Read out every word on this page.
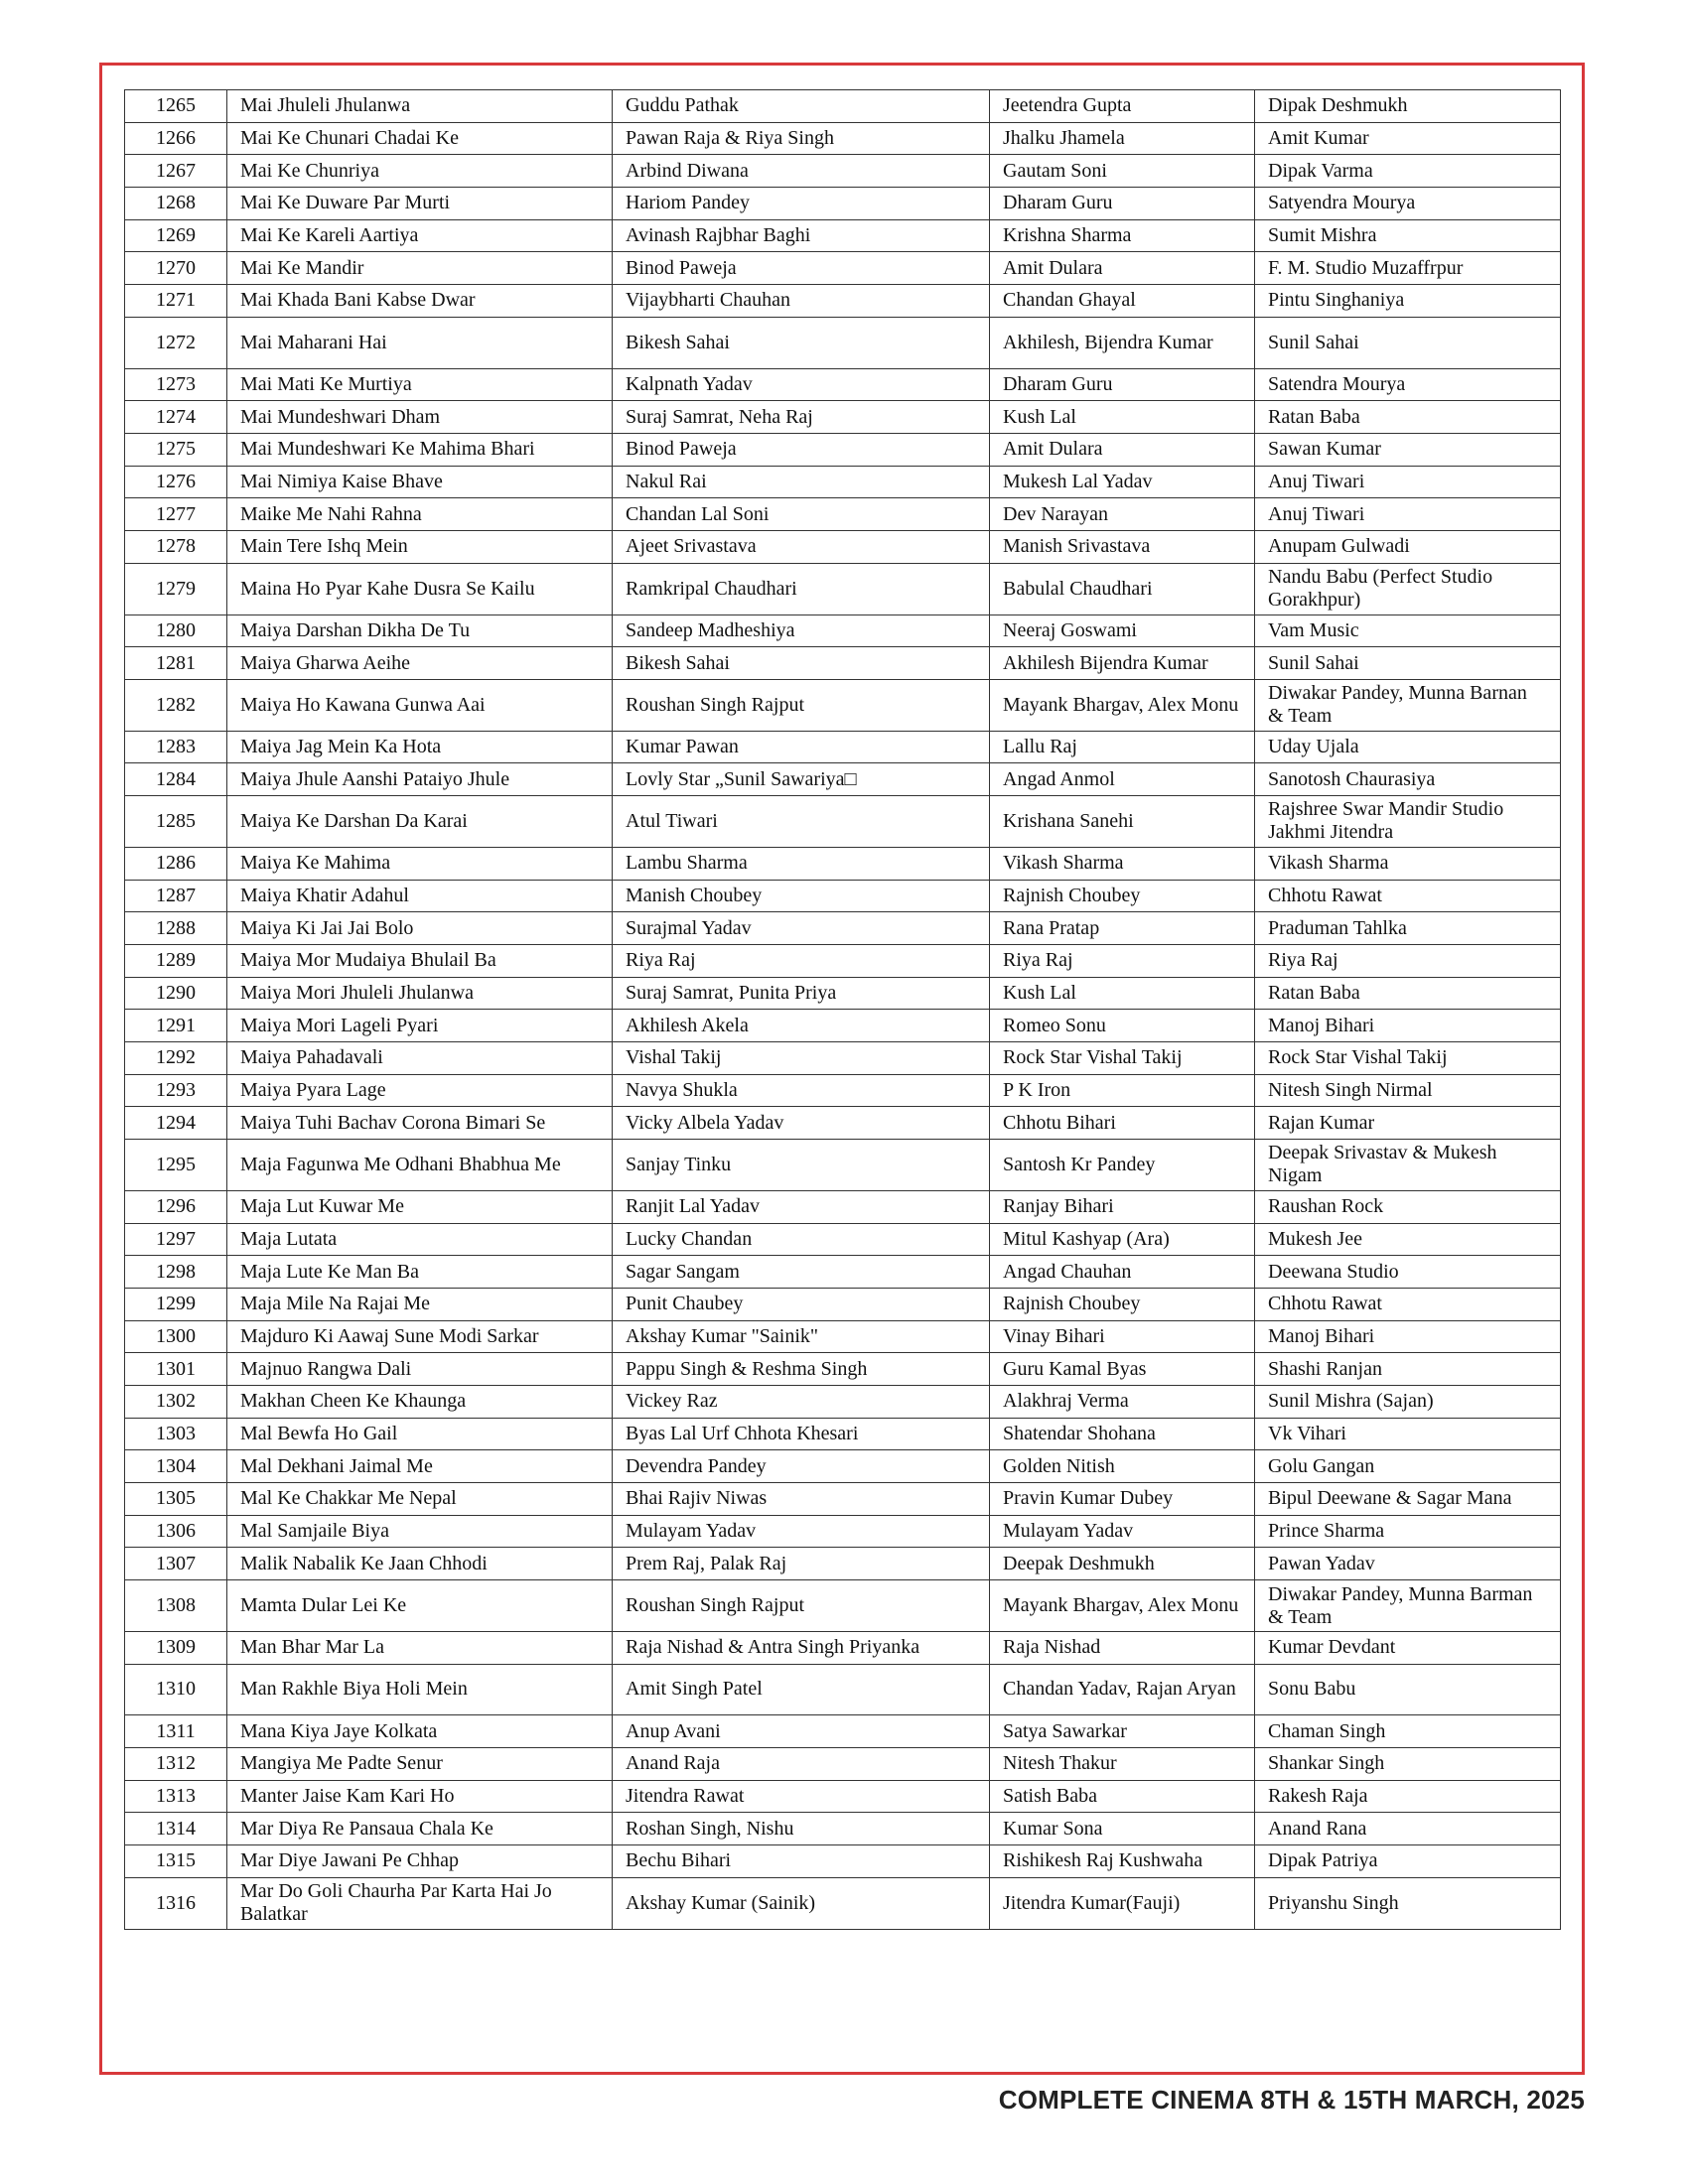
1265	Mai Jhuleli Jhulanwa	Guddu Pathak	Jeetendra Gupta	Dipak Deshmukh
1266	Mai Ke Chunari Chadai Ke	Pawan Raja & Riya Singh	Jhalku Jhamela	Amit Kumar
1267	Mai Ke Chunriya	Arbind Diwana	Gautam Soni	Dipak Varma
1268	Mai Ke Duware Par Murti	Hariom Pandey	Dharam Guru	Satyendra Mourya
1269	Mai Ke Kareli Aartiya	Avinash Rajbhar Baghi	Krishna Sharma	Sumit Mishra
1270	Mai Ke Mandir	Binod Paweja	Amit Dulara	F. M. Studio Muzaffrpur
1271	Mai Khada Bani Kabse Dwar	Vijaybharti Chauhan	Chandan Ghayal	Pintu Singhaniya
1272	Mai Maharani Hai	Bikesh Sahai	Akhilesh, Bijendra Kumar	Sunil Sahai
1273	Mai Mati Ke Murtiya	Kalpnath Yadav	Dharam Guru	Satendra Mourya
1274	Mai Mundeshwari Dham	Suraj Samrat, Neha Raj	Kush Lal	Ratan Baba
1275	Mai Mundeshwari Ke Mahima Bhari	Binod Paweja	Amit Dulara	Sawan Kumar
1276	Mai Nimiya Kaise Bhave	Nakul Rai	Mukesh Lal Yadav	Anuj Tiwari
1277	Maike Me Nahi Rahna	Chandan Lal Soni	Dev Narayan	Anuj Tiwari
1278	Main Tere Ishq Mein	Ajeet Srivastava	Manish Srivastava	Anupam Gulwadi
1279	Maina Ho Pyar Kahe Dusra Se Kailu	Ramkripal Chaudhari	Babulal Chaudhari	Nandu Babu (Perfect Studio Gorakhpur)
1280	Maiya Darshan Dikha De Tu	Sandeep Madheshiya	Neeraj Goswami	Vam Music
1281	Maiya Gharwa Aeihe	Bikesh Sahai	Akhilesh Bijendra Kumar	Sunil Sahai
1282	Maiya Ho Kawana Gunwa Aai	Roushan Singh Rajput	Mayank Bhargav, Alex Monu	Diwakar Pandey, Munna Barnan & Team
1283	Maiya Jag Mein Ka Hota	Kumar Pawan	Lallu Raj	Uday Ujala
1284	Maiya Jhule Aanshi Pataiyo Jhule	Lovly Star „Sunil Sawariya□	Angad Anmol	Sanotosh Chaurasiya
1285	Maiya Ke Darshan Da Karai	Atul Tiwari	Krishana Sanehi	Rajshree Swar Mandir Studio Jakhmi Jitendra
1286	Maiya Ke Mahima	Lambu Sharma	Vikash Sharma	Vikash Sharma
1287	Maiya Khatir Adahul	Manish Choubey	Rajnish Choubey	Chhotu Rawat
1288	Maiya Ki Jai Jai Bolo	Surajmal Yadav	Rana Pratap	Praduman Tahlka
1289	Maiya Mor Mudaiya Bhulail Ba	Riya Raj	Riya Raj	Riya Raj
1290	Maiya Mori Jhuleli Jhulanwa	Suraj Samrat, Punita Priya	Kush Lal	Ratan Baba
1291	Maiya Mori Lageli Pyari	Akhilesh Akela	Romeo Sonu	Manoj Bihari
1292	Maiya Pahadavali	Vishal Takij	Rock Star Vishal Takij	Rock Star Vishal Takij
1293	Maiya Pyara Lage	Navya Shukla	P K Iron	Nitesh Singh Nirmal
1294	Maiya Tuhi Bachav Corona Bimari Se	Vicky Albela Yadav	Chhotu Bihari	Rajan Kumar
1295	Maja Fagunwa Me Odhani Bhabhua Me	Sanjay Tinku	Santosh Kr Pandey	Deepak Srivastav & Mukesh Nigam
1296	Maja Lut Kuwar Me	Ranjit Lal Yadav	Ranjay Bihari	Raushan Rock
1297	Maja Lutata	Lucky Chandan	Mitul Kashyap (Ara)	Mukesh Jee
1298	Maja Lute Ke Man Ba	Sagar Sangam	Angad Chauhan	Deewana Studio
1299	Maja Mile Na Rajai Me	Punit Chaubey	Rajnish Choubey	Chhotu Rawat
1300	Majduro Ki Aawaj Sune Modi Sarkar	Akshay Kumar "Sainik"	Vinay Bihari	Manoj Bihari
1301	Majnuo Rangwa Dali	Pappu Singh & Reshma Singh	Guru Kamal Byas	Shashi Ranjan
1302	Makhan Cheen Ke Khaunga	Vickey Raz	Alakhraj Verma	Sunil Mishra (Sajan)
1303	Mal Bewfa Ho Gail	Byas Lal Urf Chhota Khesari	Shatendar Shohana	Vk Vihari
1304	Mal Dekhani Jaimal Me	Devendra Pandey	Golden Nitish	Golu Gangan
1305	Mal Ke Chakkar Me Nepal	Bhai Rajiv Niwas	Pravin Kumar Dubey	Bipul Deewane & Sagar Mana
1306	Mal Samjaile Biya	Mulayam Yadav	Mulayam Yadav	Prince Sharma
1307	Malik Nabalik Ke Jaan Chhodi	Prem Raj, Palak Raj	Deepak Deshmukh	Pawan Yadav
1308	Mamta Dular Lei Ke	Roushan Singh Rajput	Mayank Bhargav, Alex Monu	Diwakar Pandey, Munna Barman & Team
1309	Man Bhar Mar La	Raja Nishad & Antra Singh Priyanka	Raja Nishad	Kumar Devdant
1310	Man Rakhle Biya Holi Mein	Amit Singh Patel	Chandan Yadav, Rajan Aryan	Sonu Babu
1311	Mana Kiya Jaye Kolkata	Anup Avani	Satya Sawarkar	Chaman Singh
1312	Mangiya Me Padte Senur	Anand Raja	Nitesh Thakur	Shankar Singh
1313	Manter Jaise Kam Kari Ho	Jitendra Rawat	Satish Baba	Rakesh Raja
1314	Mar Diya Re Pansaua Chala Ke	Roshan Singh, Nishu	Kumar Sona	Anand Rana
1315	Mar Diye Jawani Pe Chhap	Bechu Bihari	Rishikesh Raj Kushwaha	Dipak Patriya
1316	Mar Do Goli Chaurha Par Karta Hai Jo Balatkar	Akshay Kumar (Sainik)	Jitendra Kumar(Fauji)	Priyanshu Singh
COMPLETE CINEMA 8TH & 15TH MARCH, 2025
